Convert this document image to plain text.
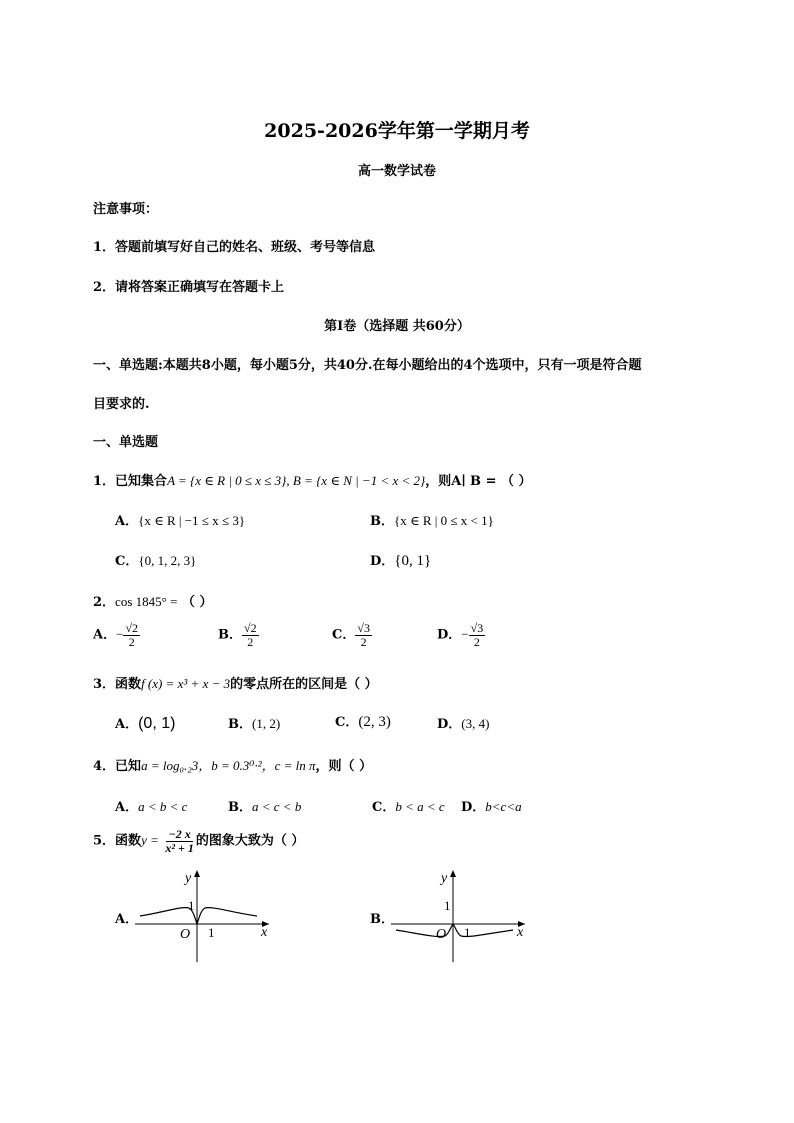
2025-2026学年第一学期月考
高一数学试卷
注意事项：
1．答题前填写好自己的姓名、班级、考号等信息
2．请将答案正确填写在答题卡上
第I卷（选择题 共60分）
一、单选题:本题共8小题，每小题5分，共40分.在每小题给出的4个选项中，只有一项是符合题
目要求的.
一、单选题
1．已知集合A = {x ∈ R | 0 ≤ x ≤ 3}, B = {x ∈ N | −1 < x < 2}，则A∣ B = （ ）
A．{x ∈ R | −1 ≤ x ≤ 3}	B．{x ∈ R | 0 ≤ x < 1}
C．{0, 1, 2, 3}	D．{0, 1}
2．cos 1845° = （ ）
A．− $\frac{√2}{2}$	B． $\frac{√2}{2}$	C． $\frac{√3}{2}$	D．− $\frac{√3}{2}$
3．函数f (x) = x³ + x − 3的零点所在的区间是（ ）
A．(0, 1)	B．(1, 2)	C．(2, 3)	D．(3, 4)
4．已知a = log₀.₂3，b = 0.3⁰·²，c = ln π，则（ ）
A．a < b < c	B．a < c < b	C．b < a < c D．b<c<a
5．函数$y = \frac{-2 x}{\text{x² + 1}}$ 的图象大致为（ ）
A．
y
x
O 1
1
B．
y
x
O 1
1
